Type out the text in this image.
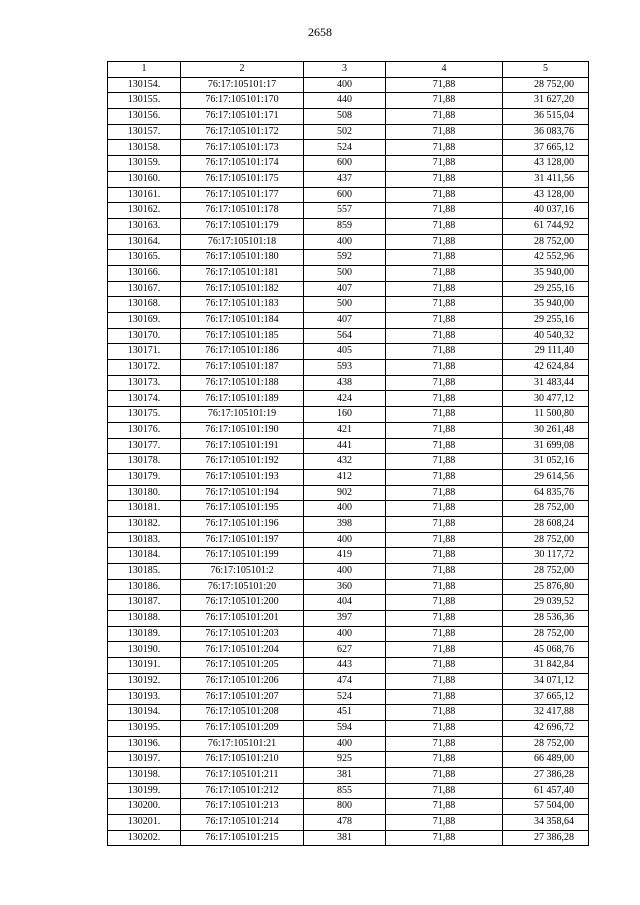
2658
1	2	3	4	5
130154.	76:17:105101:17	400	71,88	28 752,00
130155.	76:17:105101:170	440	71,88	31 627,20
130156.	76:17:105101:171	508	71,88	36 515,04
130157.	76:17:105101:172	502	71,88	36 083,76
130158.	76:17:105101:173	524	71,88	37 665,12
130159.	76:17:105101:174	600	71,88	43 128,00
130160.	76:17:105101:175	437	71,88	31 411,56
130161.	76:17:105101:177	600	71,88	43 128,00
130162.	76:17:105101:178	557	71,88	40 037,16
130163.	76:17:105101:179	859	71,88	61 744,92
130164.	76:17:105101:18	400	71,88	28 752,00
130165.	76:17:105101:180	592	71,88	42 552,96
130166.	76:17:105101:181	500	71,88	35 940,00
130167.	76:17:105101:182	407	71,88	29 255,16
130168.	76:17:105101:183	500	71,88	35 940,00
130169.	76:17:105101:184	407	71,88	29 255,16
130170.	76:17:105101:185	564	71,88	40 540,32
130171.	76:17:105101:186	405	71,88	29 111,40
130172.	76:17:105101:187	593	71,88	42 624,84
130173.	76:17:105101:188	438	71,88	31 483,44
130174.	76:17:105101:189	424	71,88	30 477,12
130175.	76:17:105101:19	160	71,88	11 500,80
130176.	76:17:105101:190	421	71,88	30 261,48
130177.	76:17:105101:191	441	71,88	31 699,08
130178.	76:17:105101:192	432	71,88	31 052,16
130179.	76:17:105101:193	412	71,88	29 614,56
130180.	76:17:105101:194	902	71,88	64 835,76
130181.	76:17:105101:195	400	71,88	28 752,00
130182.	76:17:105101:196	398	71,88	28 608,24
130183.	76:17:105101:197	400	71,88	28 752,00
130184.	76:17:105101:199	419	71,88	30 117,72
130185.	76:17:105101:2	400	71,88	28 752,00
130186.	76:17:105101:20	360	71,88	25 876,80
130187.	76:17:105101:200	404	71,88	29 039,52
130188.	76:17:105101:201	397	71,88	28 536,36
130189.	76:17:105101:203	400	71,88	28 752,00
130190.	76:17:105101:204	627	71,88	45 068,76
130191.	76:17:105101:205	443	71,88	31 842,84
130192.	76:17:105101:206	474	71,88	34 071,12
130193.	76:17:105101:207	524	71,88	37 665,12
130194.	76:17:105101:208	451	71,88	32 417,88
130195.	76:17:105101:209	594	71,88	42 696,72
130196.	76:17:105101:21	400	71,88	28 752,00
130197.	76:17:105101:210	925	71,88	66 489,00
130198.	76:17:105101:211	381	71,88	27 386,28
130199.	76:17:105101:212	855	71,88	61 457,40
130200.	76:17:105101:213	800	71,88	57 504,00
130201.	76:17:105101:214	478	71,88	34 358,64
130202.	76:17:105101:215	381	71,88	27 386,28
